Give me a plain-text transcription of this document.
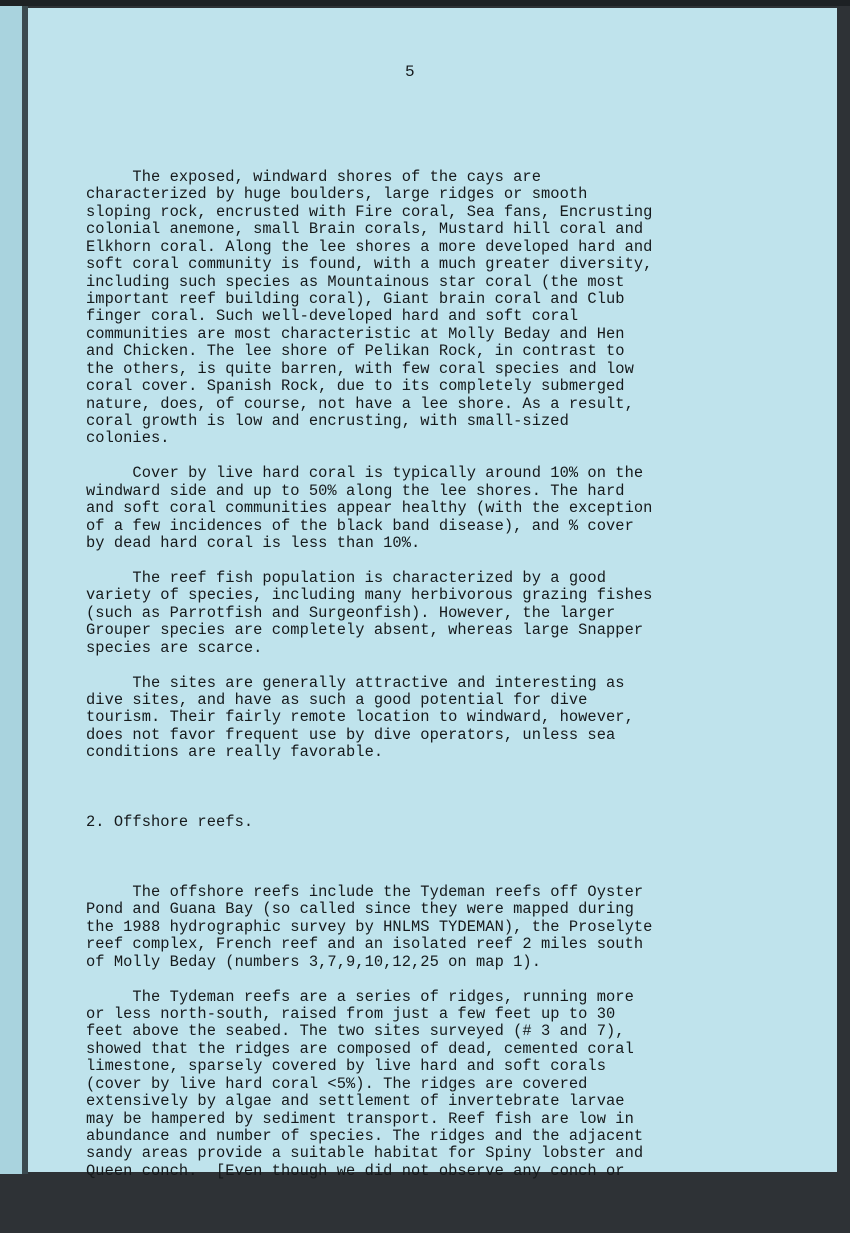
5

The exposed, windward shores of the cays are
characterized by huge boulders, large ridges or smooth
sloping rock, encrusted with Fire coral, Sea fans, Encrusting
colonial anemone, small Brain corals, Mustard hill coral and
Elkhorn coral. Along the lee shores a more developed hard and
soft coral community is found, with a much greater diversity,
including such species as Mountainous star coral (the most
important reef building coral), Giant brain coral and Club
finger coral. Such well-developed hard and soft coral
communities are most characteristic at Molly Beday and Hen
and Chicken. The lee shore of Pelikan Rock, in contrast to
the others, is quite barren, with few coral species and low
coral cover. Spanish Rock, due to its completely submerged
nature, does, of course, not have a lee shore. As a result,
coral growth is low and encrusting, with small-sized
colonies.
Cover by live hard coral is typically around 10% on the
windward side and up to 50% along the lee shores. The hard
and soft coral communities appear healthy (with the exception
of a few incidences of the black band disease), and % cover
by dead hard coral is less than 10%.
The reef fish population is characterized by a good
variety of species, including many herbivorous grazing fishes
(such as Parrotfish and Surgeonfish). However, the larger
Grouper species are completely absent, whereas large Snapper
species are scarce.
The sites are generally attractive and interesting as
dive sites, and have as such a good potential for dive
tourism. Their fairly remote location to windward, however,
does not favor frequent use by dive operators, unless sea
conditions are really favorable.

2. Offshore reefs.

The offshore reefs include the Tydeman reefs off Oyster
Pond and Guana Bay (so called since they were mapped during
the 1988 hydrographic survey by HNLMS TYDEMAN), the Proselyte
reef complex, French reef and an isolated reef 2 miles south
of Molly Beday (numbers 3,7,9,10,12,25 on map 1).
The Tydeman reefs are a series of ridges, running more
or less north-south, raised from just a few feet up to 30
feet above the seabed. The two sites surveyed (# 3 and 7),
showed that the ridges are composed of dead, cemented coral
limestone, sparsely covered by live hard and soft corals
(cover by live hard coral <5%). The ridges are covered
extensively by algae and settlement of invertebrate larvae
may be hampered by sediment transport. Reef fish are low in
abundance and number of species. The ridges and the adjacent
sandy areas provide a suitable habitat for Spiny lobster and
Queen conch.  [Even though we did not observe any conch or
